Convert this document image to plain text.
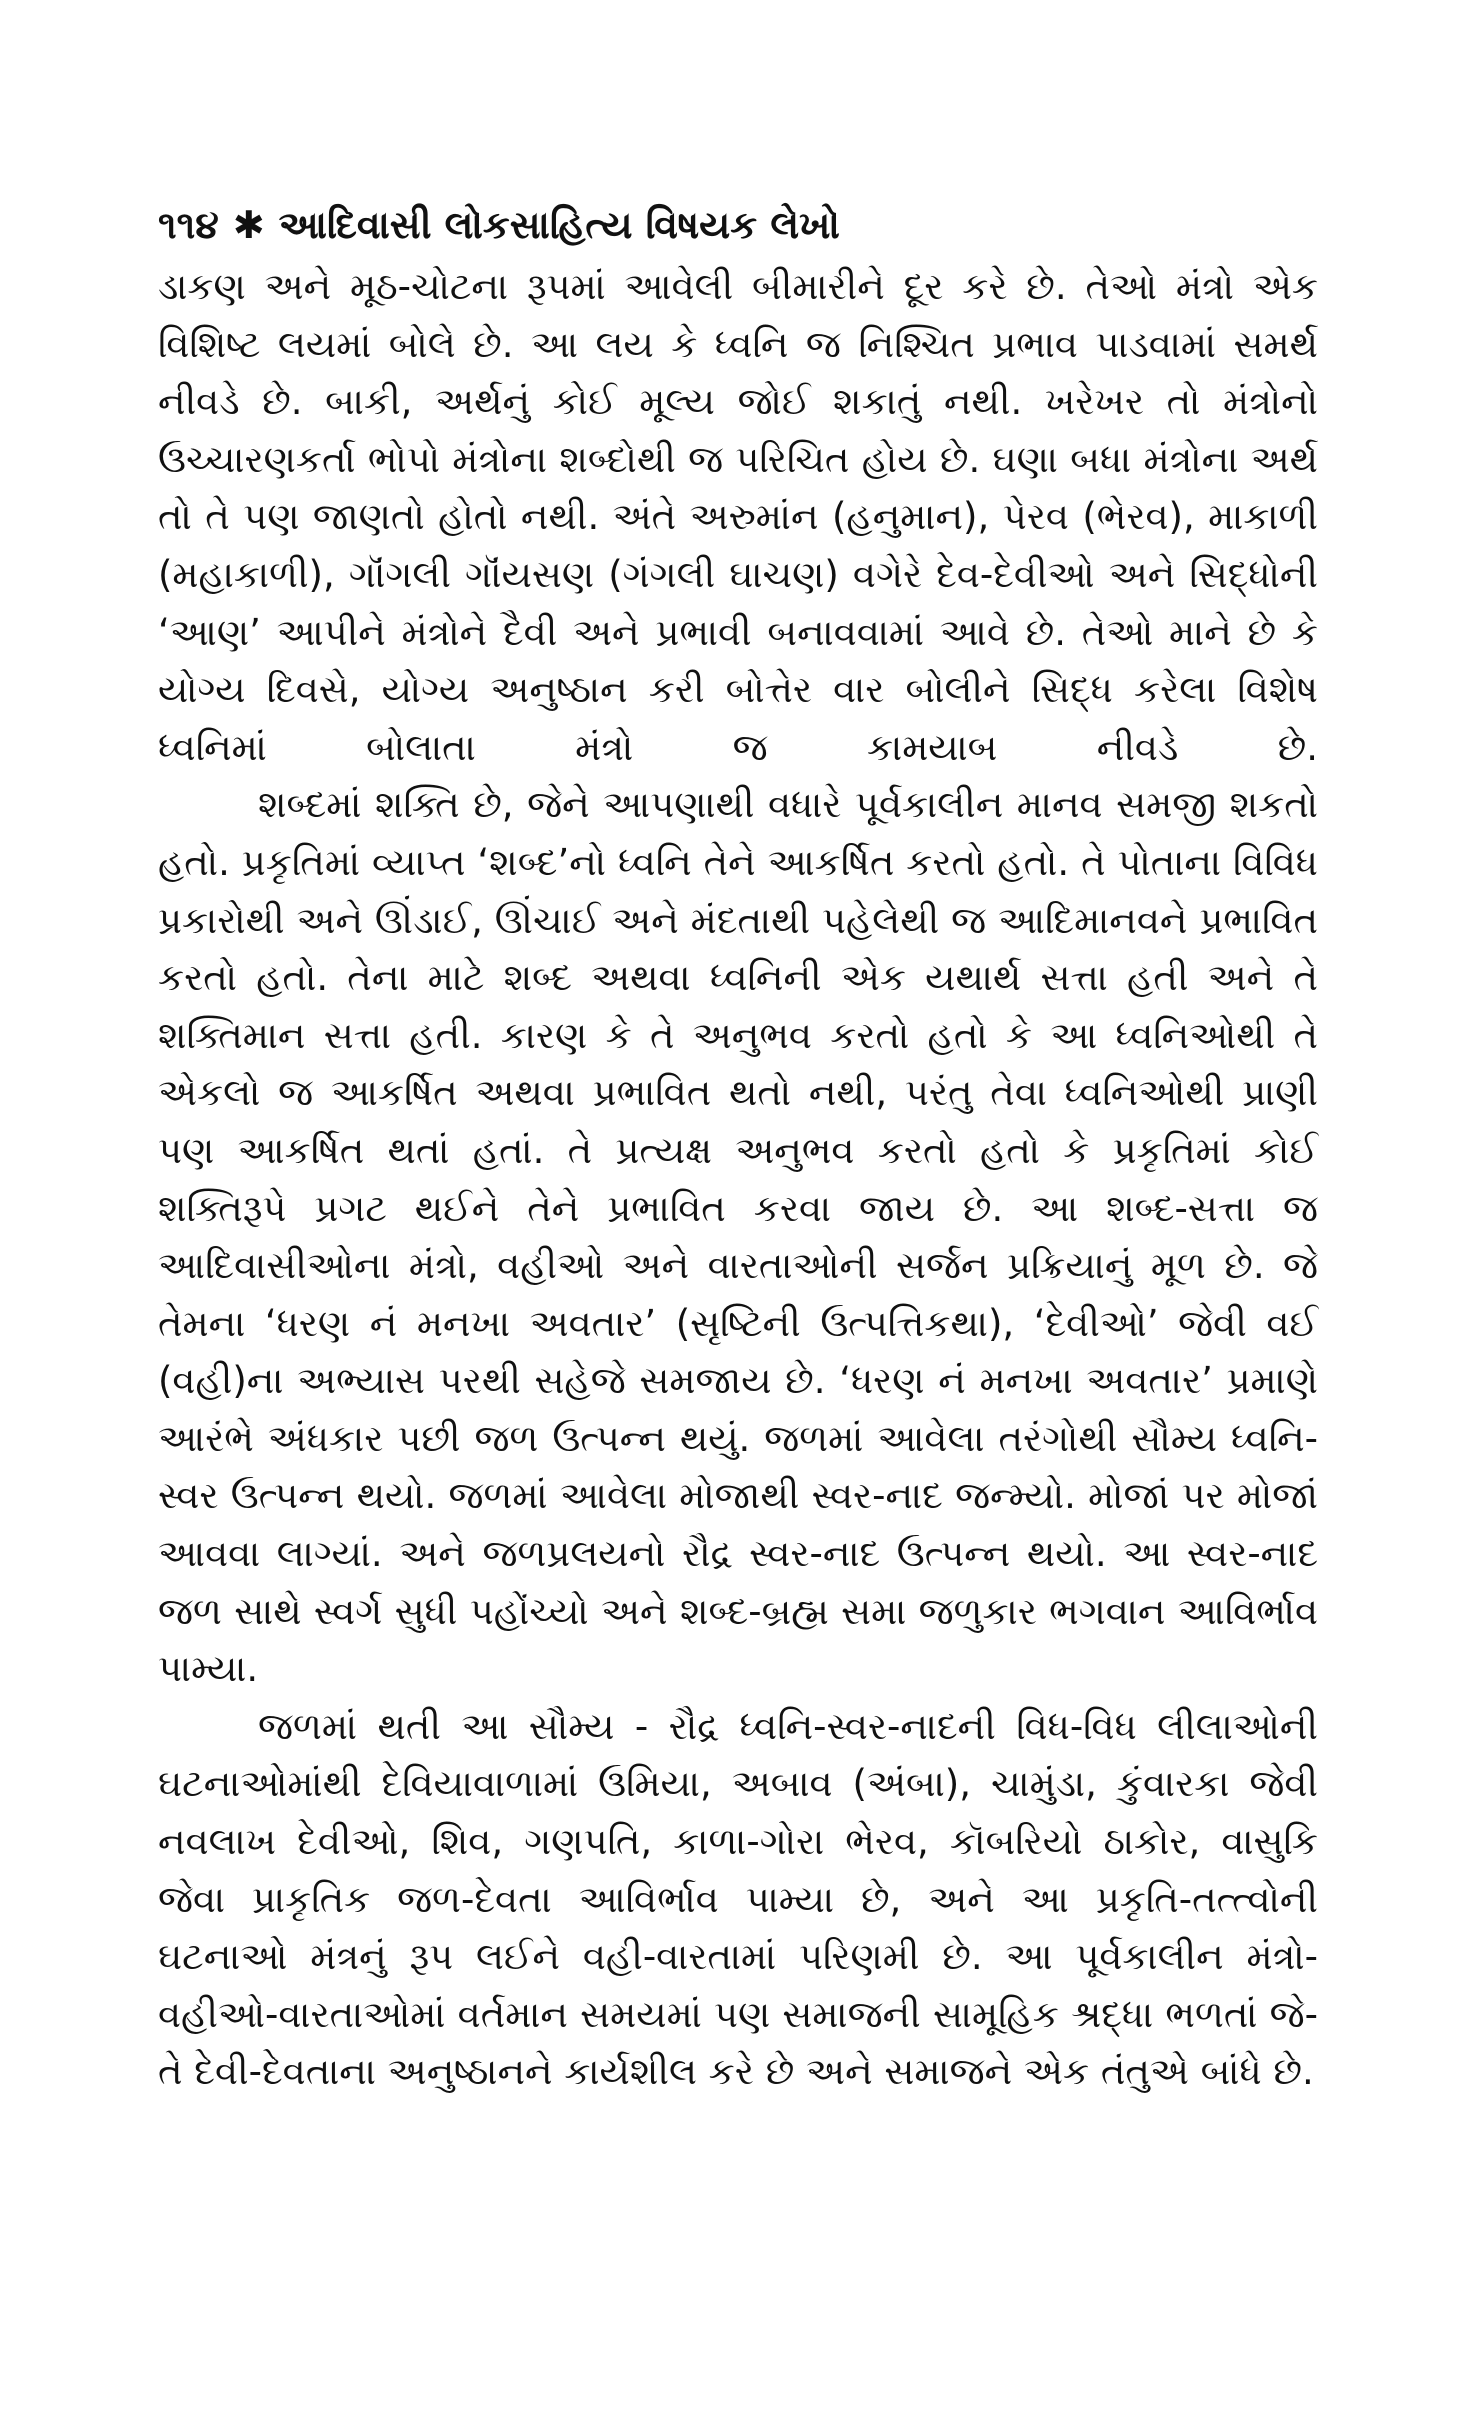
૧૧૪ ✱ આદિવાસી લોકસાહિત્ય વિષયક લેખો

ડાકણ અને મૂઠ-ચોટના રૂપમાં આવેલી બીમારીને દૂર કરે છે. તેઓ મંત્રો એક વિશિષ્ટ લયમાં બોલે છે. આ લય કે ધ્વનિ જ નિશ્ચિત પ્રભાવ પાડવામાં સમર્થ નીવડે છે. બાકી, અર્થનું કોઈ મૂલ્ય જોઈ શકાતું નથી. ખરેખર તો મંત્રોનો ઉચ્ચારણકર્તા ભોપો મંત્રોના શબ્દોથી જ પરિચિત હોય છે. ઘણા બધા મંત્રોના અર્થ તો તે પણ જાણતો હોતો નથી. અંતે અરુમાંન (હનુમાન), પેરવ (ભેરવ), માકાળી (મહાકાળી), ગૉંગલી ગૉંયસણ (ગંગલી ઘાચણ) વગેરે દેવ-દેવીઓ અને સિદ્ધોની ‘આણ’ આપીને મંત્રોને દૈવી અને પ્રભાવી બનાવવામાં આવે છે. તેઓ માને છે કે યોગ્ય દિવસે, યોગ્ય અનુષ્ઠાન કરી બોત્તેર વાર બોલીને સિદ્ધ કરેલા વિશેષ ધ્વનિમાં બોલાતા મંત્રો જ કામયાબ નીવડે છે.

શબ્દમાં શક્તિ છે, જેને આપણાથી વધારે પૂર્વકાલીન માનવ સમજી શકતો હતો. પ્રકૃતિમાં વ્યાપ્ત ‘શબ્દ’નો ધ્વનિ તેને આકર્ષિત કરતો હતો. તે પોતાના વિવિધ પ્રકારોથી અને ઊંડાઈ, ઊંચાઈ અને મંદતાથી પહેલેથી જ આદિમાનવને પ્રભાવિત કરતો હતો. તેના માટે શબ્દ અથવા ધ્વનિની એક યથાર્થ સત્તા હતી અને તે શક્તિમાન સત્તા હતી. કારણ કે તે અનુભવ કરતો હતો કે આ ધ્વનિઓથી તે એકલો જ આકર્ષિત અથવા પ્રભાવિત થતો નથી, પરંતુ તેવા ધ્વનિઓથી પ્રાણી પણ આકર્ષિત થતાં હતાં. તે પ્રત્યક્ષ અનુભવ કરતો હતો કે પ્રકૃતિમાં કોઈ શક્તિરૂપે પ્રગટ થઈને તેને પ્રભાવિત કરવા જાય છે. આ શબ્દ-સત્તા જ આદિવાસીઓના મંત્રો, વહીઓ અને વારતાઓની સર્જન પ્રક્રિયાનું મૂળ છે. જે તેમના ‘ધરણ નં મનખા અવતાર’ (સૃષ્ટિની ઉત્પત્તિકથા), ‘દેવીઓ’ જેવી વઈ (વહી)ના અભ્યાસ પરથી સહેજે સમજાય છે. ‘ધરણ નં મનખા અવતાર’ પ્રમાણે આરંભે અંધકાર પછી જળ ઉત્પન્ન થયું. જળમાં આવેલા તરંગોથી સૌમ્ય ધ્વનિ-સ્વર ઉત્પન્ન થયો. જળમાં આવેલા મોજાથી સ્વર-નાદ જન્મ્યો. મોજાં પર મોજાં આવવા લાગ્યાં. અને જળપ્રલયનો રૌદ્ર સ્વર-નાદ ઉત્પન્ન થયો. આ સ્વર-નાદ જળ સાથે સ્વર્ગ સુધી પહોંચ્યો અને શબ્દ-બ્રહ્મ સમા જળુકાર ભગવાન આવિર્ભાવ પામ્યા.

જળમાં થતી આ સૌમ્ય - રૌદ્ર ધ્વનિ-સ્વર-નાદની વિધ-વિધ લીલાઓની ઘટનાઓમાંથી દેવિયાવાળામાં ઉમિયા, અબાવ (અંબા), ચામુંડા, કુંવારકા જેવી નવલાખ દેવીઓ, શિવ, ગણપતિ, કાળા-ગોરા ભેરવ, કૉબરિયો ઠાકોર, વાસુકિ જેવા પ્રાકૃતિક જળ-દેવતા આવિર્ભાવ પામ્યા છે, અને આ પ્રકૃતિ-તત્ત્વોની ઘટનાઓ મંત્રનું રૂપ લઈને વહી-વારતામાં પરિણમી છે. આ પૂર્વકાલીન મંત્રો-વહીઓ-વારતાઓમાં વર્તમાન સમયમાં પણ સમાજની સામૂહિક શ્રદ્ધા ભળતાં જે-તે દેવી-દેવતાના અનુષ્ઠાનને કાર્યશીલ કરે છે અને સમાજને એક તંતુએ બાંધે છે.
